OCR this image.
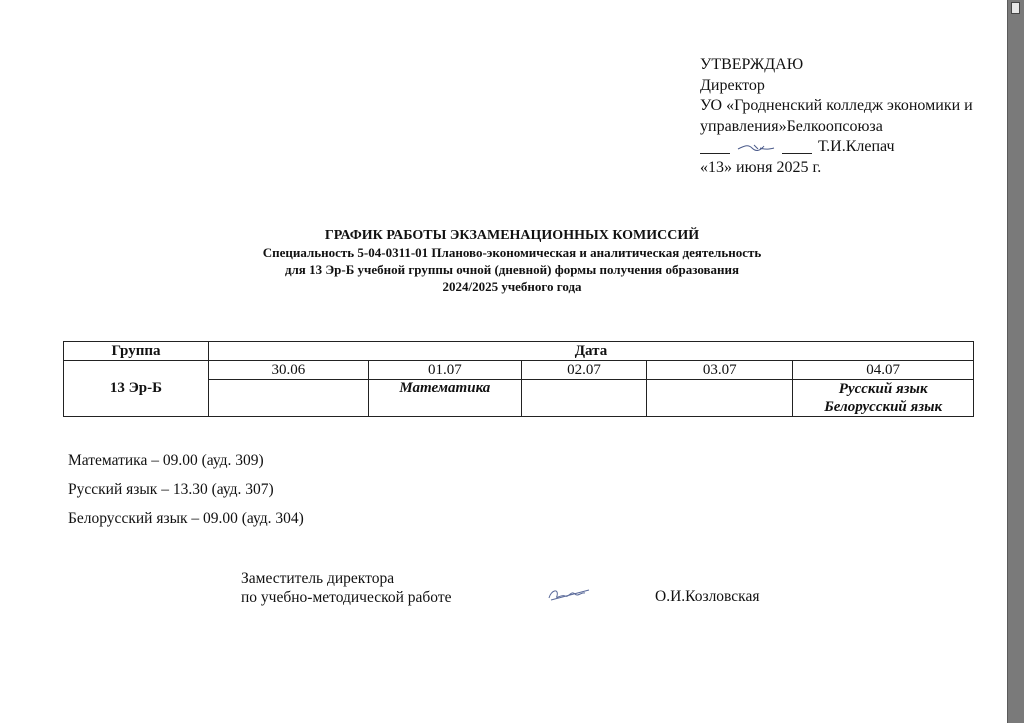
УТВЕРЖДАЮ
Директор
УО «Гродненский колледж экономики и
управления»Белкоопсоюза
Т.И.Клепач
«13» июня 2025 г.
ГРАФИК РАБОТЫ ЭКЗАМЕНАЦИОННЫХ КОМИССИЙ
Специальность 5-04-0311-01 Планово-экономическая и аналитическая деятельность
для 13 Эр-Б учебной группы очной (дневной) формы получения образования
2024/2025 учебного года
Группа	Дата				
13 Эр-Б	30.06	01.07	02.07	03.07	04.07
		Математика			Русский язык
Белорусский язык
Математика – 09.00 (ауд. 309)
Русский язык – 13.30 (ауд. 307)
Белорусский язык – 09.00 (ауд. 304)
Заместитель директора
по учебно-методической работе	О.И.Козловская
